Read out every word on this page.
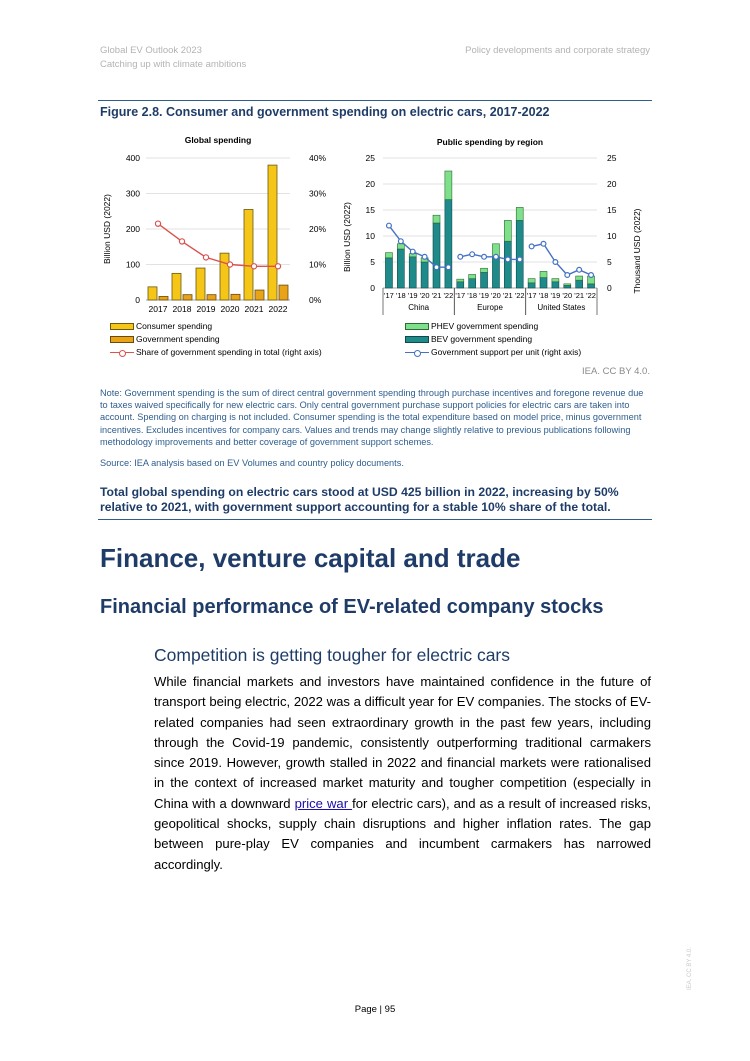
Global EV Outlook 2023
Catching up with climate ambitions
Policy developments and corporate strategy
Figure 2.8. Consumer and government spending on electric cars, 2017-2022
Global spending
0	0%
100	10%
200	20%
300	30%
400	40%
Billion USD (2022)
2017 2018 2019 2020 2021 2022
Consumer spending
Government spending
Share of government spending in total (right axis)
Public spending by region
0	0
5	5
10	10
15	15
20	20
25	25
Billion USD (2022)	Thousand USD (2022)
'17 '18 '19 '20 '21 '22
China
'17 '18 '19 '20 '21 '22
Europe
'17 '18 '19 '20 '21 '22
United States
PHEV government spending
BEV government spending
Government support per unit (right axis)
IEA. CC BY 4.0.
Note: Government spending is the sum of direct central government spending through purchase incentives and foregone revenue due to taxes waived specifically for new electric cars. Only central government purchase support policies for electric cars are taken into account. Spending on charging is not included. Consumer spending is the total expenditure based on model price, minus government incentives. Excludes incentives for company cars. Values and trends may change slightly relative to previous publications following methodology improvements and better coverage of government support schemes.
Source: IEA analysis based on EV Volumes and country policy documents.
Total global spending on electric cars stood at USD 425 billion in 2022, increasing by 50% relative to 2021, with government support accounting for a stable 10% share of the total.
Finance, venture capital and trade
Financial performance of EV-related company stocks
Competition is getting tougher for electric cars
While financial markets and investors have maintained confidence in the future of transport being electric, 2022 was a difficult year for EV companies. The stocks of EV-related companies had seen extraordinary growth in the past few years, including through the Covid-19 pandemic, consistently outperforming traditional carmakers since 2019. However, growth stalled in 2022 and financial markets were rationalised in the context of increased market maturity and tougher competition (especially in China with a downward price war for electric cars), and as a result of increased risks, geopolitical shocks, supply chain disruptions and higher inflation rates. The gap between pure-play EV companies and incumbent carmakers has narrowed accordingly.
Page | 95
IEA. CC BY 4.0.
